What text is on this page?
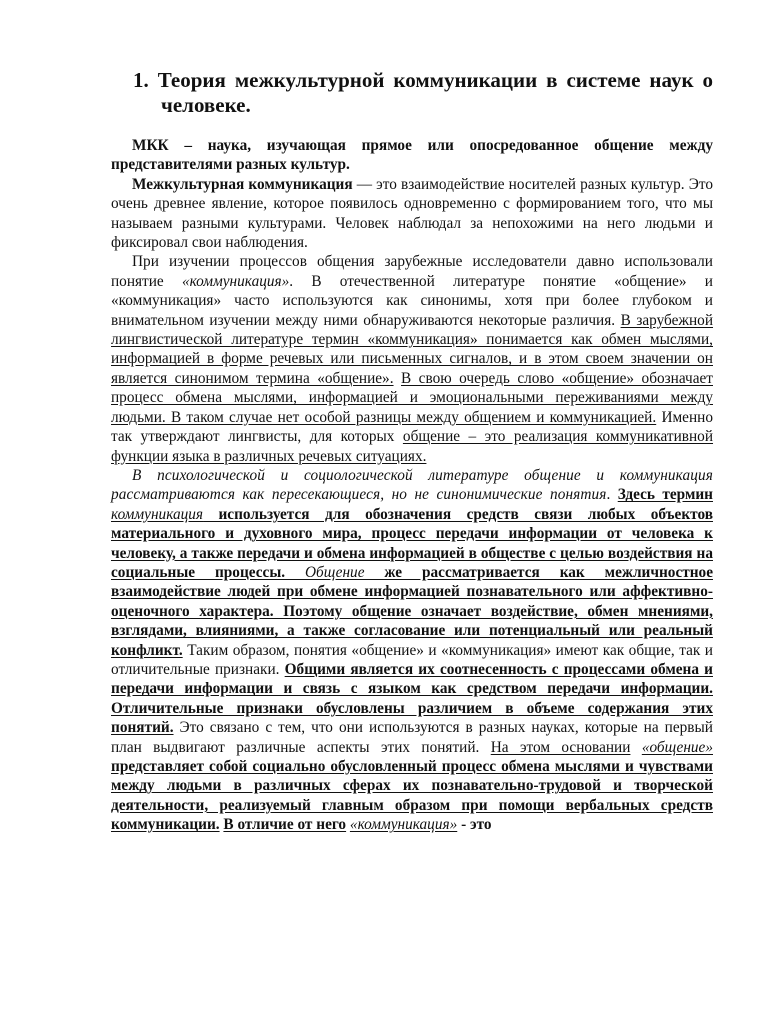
1. Теория межкультурной коммуникации в системе наук о человеке.

МКК – наука, изучающая прямое или опосредованное общение между представителями разных культур.

Межкультурная коммуникация — это взаимодействие носителей разных культур. Это очень древнее явление, которое появилось одновременно с формированием того, что мы называем разными культурами. Человек наблюдал за непохожими на него людьми и фиксировал свои наблюдения.

При изучении процессов общения зарубежные исследователи давно использовали понятие «коммуникация». В отечественной литературе понятие «общение» и «коммуникация» часто используются как синонимы, хотя при более глубоком и внимательном изучении между ними обнаруживаются некоторые различия. В зарубежной лингвистической литературе термин «коммуникация» понимается как обмен мыслями, информацией в форме речевых или письменных сигналов, и в этом своем значении он является синонимом термина «общение». В свою очередь слово «общение» обозначает процесс обмена мыслями, информацией и эмоциональными переживаниями между людьми. В таком случае нет особой разницы между общением и коммуникацией. Именно так утверждают лингвисты, для которых общение – это реализация коммуникативной функции языка в различных речевых ситуациях.

В психологической и социологической литературе общение и коммуникация рассматриваются как пересекающиеся, но не синонимические понятия. Здесь термин коммуникация используется для обозначения средств связи любых объектов материального и духовного мира, процесс передачи информации от человека к человеку, а также передачи и обмена информацией в обществе с целью воздействия на социальные процессы. Общение же рассматривается как межличностное взаимодействие людей при обмене информацией познавательного или аффективно-оценочного характера. Поэтому общение означает воздействие, обмен мнениями, взглядами, влияниями, а также согласование или потенциальный или реальный конфликт. Таким образом, понятия «общение» и «коммуникация» имеют как общие, так и отличительные признаки. Общими является их соотнесенность с процессами обмена и передачи информации и связь с языком как средством передачи информации. Отличительные признаки обусловлены различием в объеме содержания этих понятий. Это связано с тем, что они используются в разных науках, которые на первый план выдвигают различные аспекты этих понятий. На этом основании «общение» представляет собой социально обусловленный процесс обмена мыслями и чувствами между людьми в различных сферах их познавательно-трудовой и творческой деятельности, реализуемый главным образом при помощи вербальных средств коммуникации. В отличие от него «коммуникация» - это
